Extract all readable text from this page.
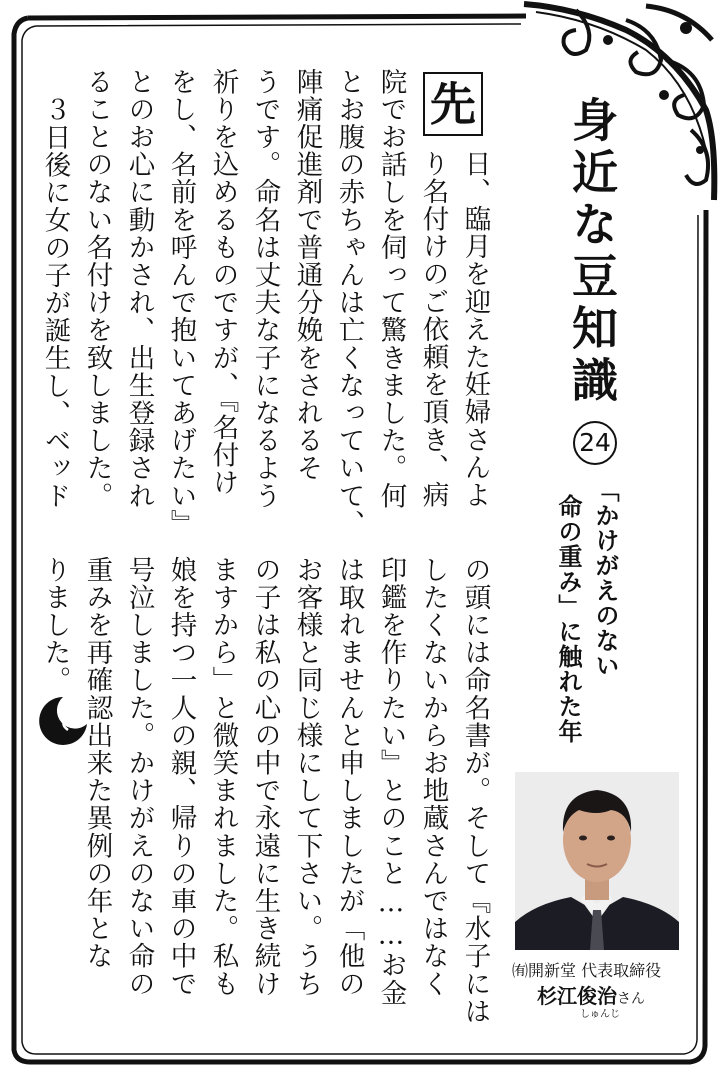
身近な豆知識
24
「かけがえのない
命の重み」に触れた年
先
日、臨月を迎えた妊婦さんよ
り名付けのご依頼を頂き、病
院でお話しを伺って驚きました。何
とお腹の赤ちゃんは亡くなっていて、
陣痛促進剤で普通分娩をされるそ
うです。命名は丈夫な子になるよう
祈りを込めるものですが、『名付け
をし、名前を呼んで抱いてあげたい』
とのお心に動かされ、出生登録され
ることのない名付けを致しました。
３日後に女の子が誕生し、ベッド
の頭には命名書が。そして『水子には
したくないからお地蔵さんではなく
印鑑を作りたい』とのこと……お金
は取れませんと申しましたが「他の
お客様と同じ様にして下さい。うち
の子は私の心の中で永遠に生き続け
ますから」と微笑まれました。私も
娘を持つ一人の親、帰りの車の中で
号泣しました。かけがえのない命の
重みを再確認出来た異例の年とな
りました。
㈲開新堂 代表取締役
杉江俊治さん
しゅんじ
